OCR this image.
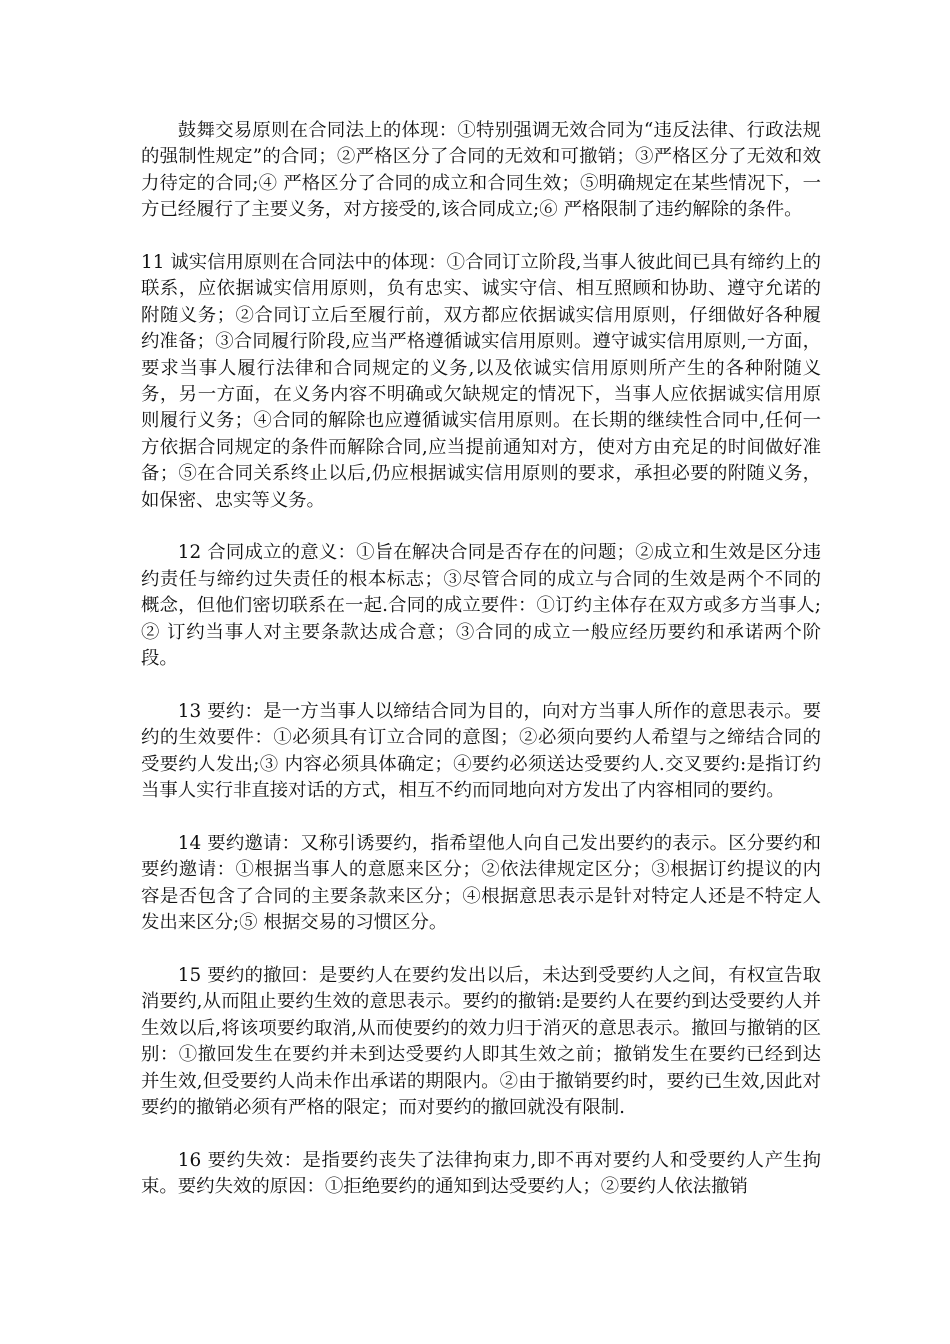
鼓舞交易原则在合同法上的体现：①特别强调无效合同为“违反法律、行政法规的强制性规定”的合同；②严格区分了合同的无效和可撤销；③严格区分了无效和效力待定的合同;④ 严格区分了合同的成立和合同生效；⑤明确规定在某些情况下，一方已经履行了主要义务，对方接受的,该合同成立;⑥ 严格限制了违约解除的条件。

11 诚实信用原则在合同法中的体现：①合同订立阶段,当事人彼此间已具有缔约上的联系，应依据诚实信用原则，负有忠实、诚实守信、相互照顾和协助、遵守允诺的附随义务；②合同订立后至履行前，双方都应依据诚实信用原则，仔细做好各种履约准备；③合同履行阶段,应当严格遵循诚实信用原则。遵守诚实信用原则,一方面，要求当事人履行法律和合同规定的义务,以及依诚实信用原则所产生的各种附随义务，另一方面，在义务内容不明确或欠缺规定的情况下，当事人应依据诚实信用原则履行义务；④合同的解除也应遵循诚实信用原则。在长期的继续性合同中,任何一方依据合同规定的条件而解除合同,应当提前通知对方，使对方由充足的时间做好准备；⑤在合同关系终止以后,仍应根据诚实信用原则的要求，承担必要的附随义务，如保密、忠实等义务。

12 合同成立的意义：①旨在解决合同是否存在的问题；②成立和生效是区分违约责任与缔约过失责任的根本标志；③尽管合同的成立与合同的生效是两个不同的概念，但他们密切联系在一起.合同的成立要件：①订约主体存在双方或多方当事人;② 订约当事人对主要条款达成合意；③合同的成立一般应经历要约和承诺两个阶段。

13 要约：是一方当事人以缔结合同为目的，向对方当事人所作的意思表示。要约的生效要件：①必须具有订立合同的意图；②必须向要约人希望与之缔结合同的受要约人发出;③ 内容必须具体确定；④要约必须送达受要约人.交叉要约:是指订约当事人实行非直接对话的方式，相互不约而同地向对方发出了内容相同的要约。

14 要约邀请：又称引诱要约，指希望他人向自己发出要约的表示。区分要约和要约邀请：①根据当事人的意愿来区分；②依法律规定区分；③根据订约提议的内容是否包含了合同的主要条款来区分；④根据意思表示是针对特定人还是不特定人发出来区分;⑤ 根据交易的习惯区分。

15 要约的撤回：是要约人在要约发出以后，未达到受要约人之间，有权宣告取消要约,从而阻止要约生效的意思表示。要约的撤销:是要约人在要约到达受要约人并生效以后,将该项要约取消,从而使要约的效力归于消灭的意思表示。撤回与撤销的区别：①撤回发生在要约并未到达受要约人即其生效之前；撤销发生在要约已经到达并生效,但受要约人尚未作出承诺的期限内。②由于撤销要约时，要约已生效,因此对要约的撤销必须有严格的限定；而对要约的撤回就没有限制.

16 要约失效：是指要约丧失了法律拘束力,即不再对要约人和受要约人产生拘束。要约失效的原因：①拒绝要约的通知到达受要约人；②要约人依法撤销
